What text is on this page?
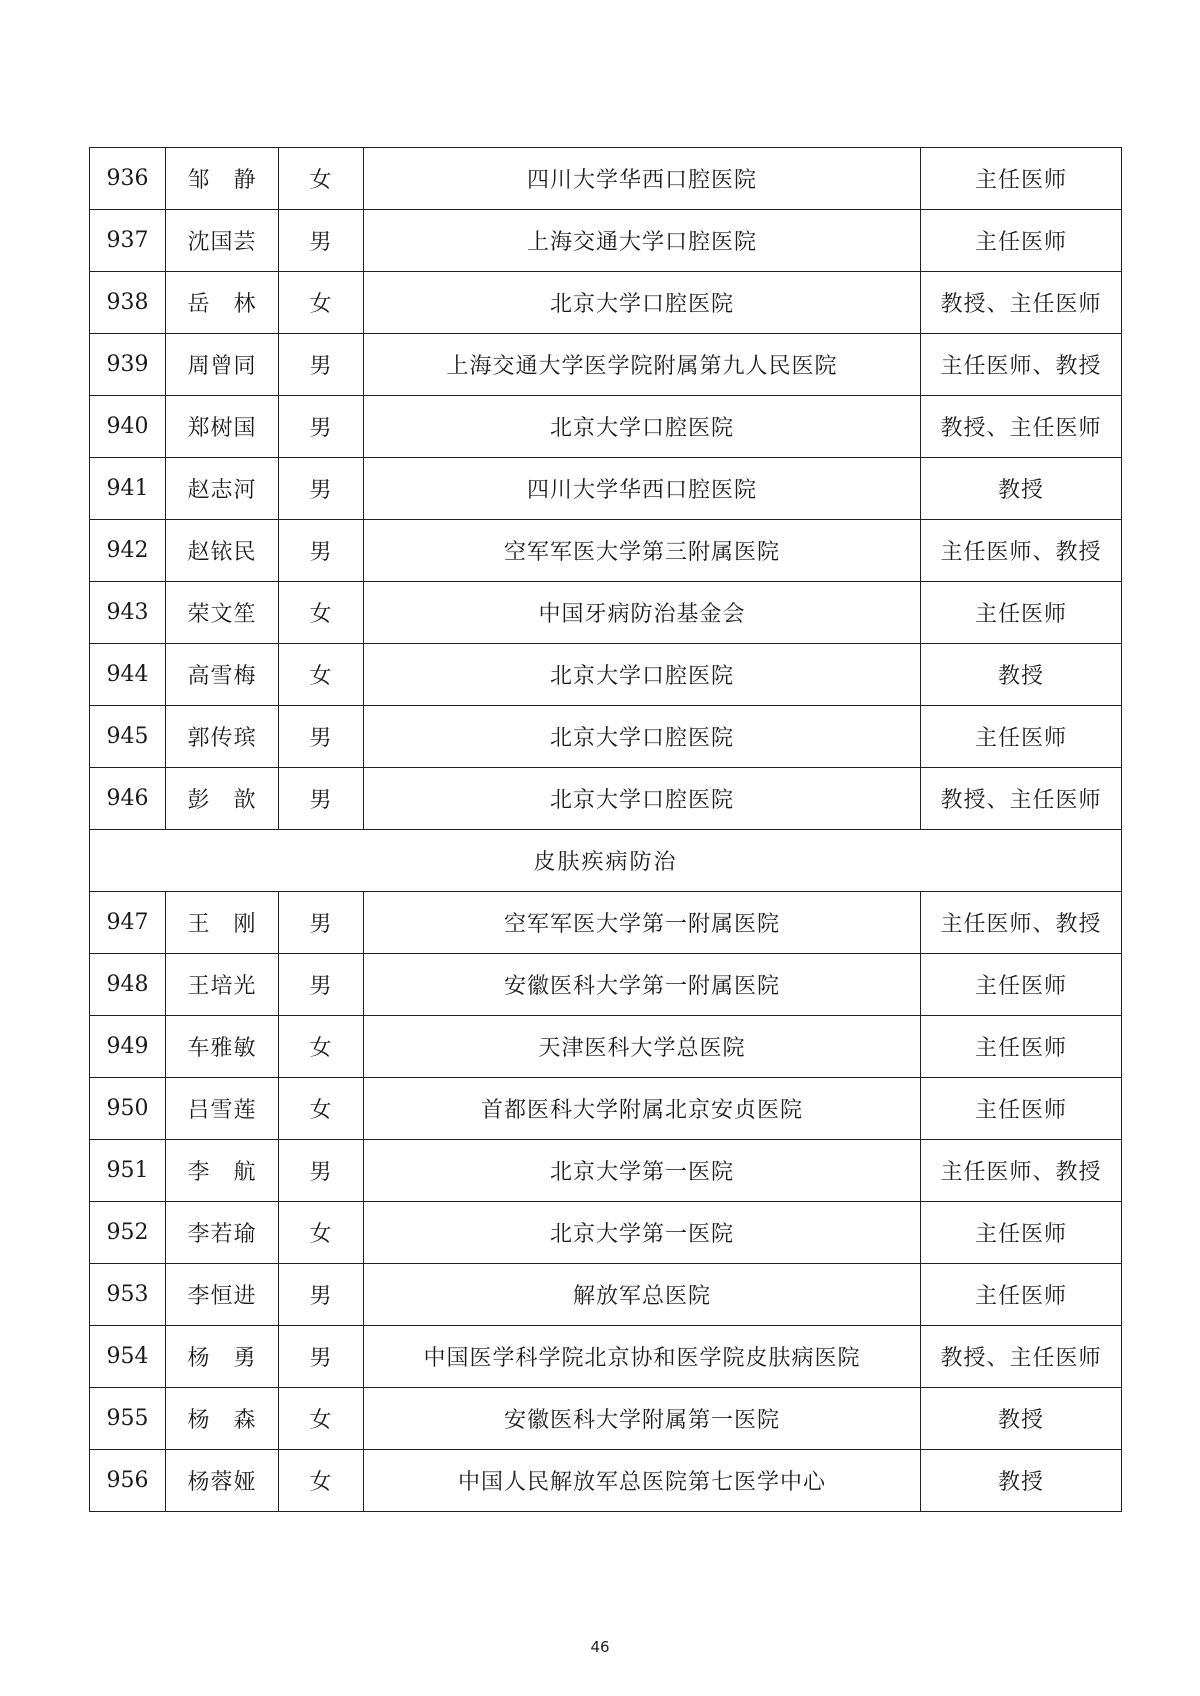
936	邹　静	女	四川大学华西口腔医院	主任医师
937	沈国芸	男	上海交通大学口腔医院	主任医师
938	岳　林	女	北京大学口腔医院	教授、主任医师
939	周曾同	男	上海交通大学医学院附属第九人民医院	主任医师、教授
940	郑树国	男	北京大学口腔医院	教授、主任医师
941	赵志河	男	四川大学华西口腔医院	教授
942	赵铱民	男	空军军医大学第三附属医院	主任医师、教授
943	荣文笙	女	中国牙病防治基金会	主任医师
944	高雪梅	女	北京大学口腔医院	教授
945	郭传瑸	男	北京大学口腔医院	主任医师
946	彭　歆	男	北京大学口腔医院	教授、主任医师
皮肤疾病防治				
947	王　刚	男	空军军医大学第一附属医院	主任医师、教授
948	王培光	男	安徽医科大学第一附属医院	主任医师
949	车雅敏	女	天津医科大学总医院	主任医师
950	吕雪莲	女	首都医科大学附属北京安贞医院	主任医师
951	李　航	男	北京大学第一医院	主任医师、教授
952	李若瑜	女	北京大学第一医院	主任医师
953	李恒进	男	解放军总医院	主任医师
954	杨　勇	男	中国医学科学院北京协和医学院皮肤病医院	教授、主任医师
955	杨　森	女	安徽医科大学附属第一医院	教授
956	杨蓉娅	女	中国人民解放军总医院第七医学中心	教授
46
